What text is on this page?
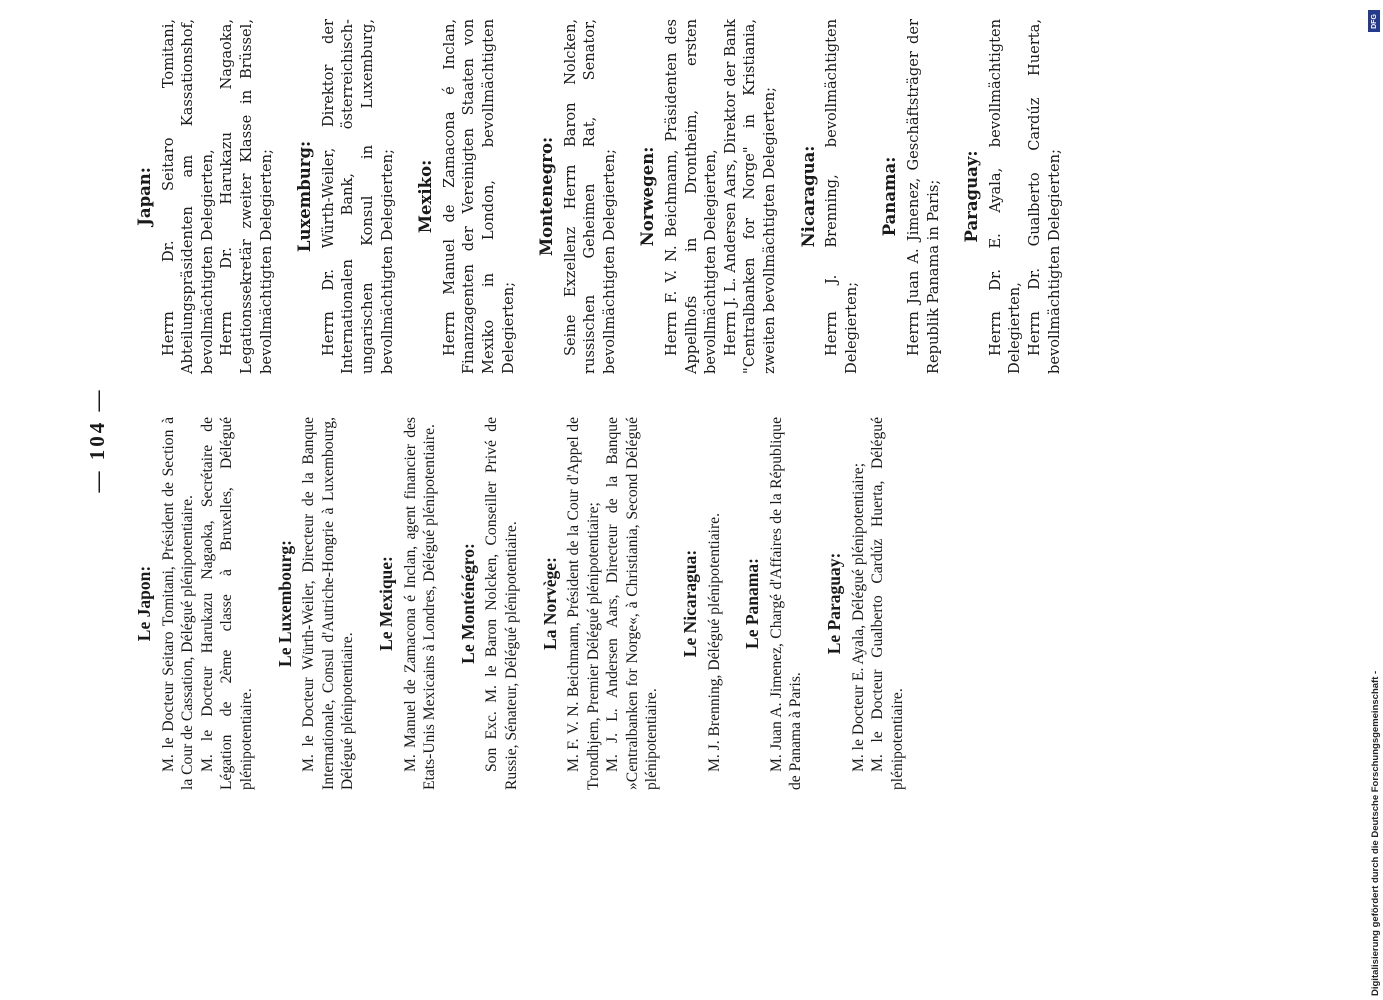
— 104 —
Le Japon: M. le Docteur Seitaro Tomitani, Président de Section à la Cour de Cassation, Délégué plénipotentiaire. M. le Docteur Harukazu Nagaoka, Secrétaire de Légation de 2ème classe à Bruxelles, Délégué plénipotentiaire.

Le Luxembourg: M. le Docteur Würth-Weiler, Directeur de la Banque Internationale, Consul d'Autriche-Hongrie à Luxembourg, Délégué plénipotentiaire.

Le Mexique: M. Manuel de Zamacona é Inclan, agent financier des Etats-Unis Mexicains à Londres, Délégué plénipotentiaire. Le Monténégro: Son Exc. M. le Baron Nolcken, Conseiller Privé de Russie, Sénateur, Délégué plénipotentiaire. La Norvège: M. F. V. N. Beichmann, Président de la Cour d'Appel de Trondhjem, Premier Délégué plénipotentiaire; M. J. L. Andersen Aars, Directeur de la Banque »Centralbanken for Norge«, à Christiania, Second Délégué plénipotentiaire.

Le Nicaragua: M. J. Brenning, Délégué plénipotentiaire. Le Panama: M. Juan A. Jimenez, Chargé d'Affaires de la République de Panama à Paris.

Le Paraguay: M. le Docteur E. Ayala, Délégué plénipotentiaire; M. le Docteur Gualberto Cardúz Huerta, Délégué plénipotentiaire.

Japan: Herrn Dr. Seitaro Tomitani, Abteilungspräsidenten am Kassationshof, bevollmächtigten Delegierten, Herrn Dr. Harukazu Nagaoka, Legationssekretär zweiter Klasse in Brüssel, bevollmächtigten Delegierten; Luxemburg: Herrn Dr. Würth-Weiler, Direktor der Internationalen Bank, österreichisch-ungarischen Konsul in Luxemburg, bevollmächtigten Delegierten; Mexiko: Herrn Manuel de Zamacona é Inclan, Finanzagenten der Vereinigten Staaten von Mexiko in London, bevollmächtigten Delegierten;

Montenegro: Seine Exzellenz Herrn Baron Nolcken, russischen Geheimen Rat, Senator, bevollmächtigten Delegierten; Norwegen: Herrn F. V. N. Beichmann, Präsidenten des Appellhofs in Drontheim, ersten bevollmächtigten Delegierten, Herrn J. L. Andersen Aars, Direktor der Bank "Centralbanken for Norge" in Kristiania, zweiten bevollmächtigten Delegierten; Nicaragua: Herrn J. Brenning, bevollmächtigten Delegierten;

Panama: Herrn Juan A. Jimenez, Geschäftsträger der Republik Panama in Paris; Paraguay: Herrn Dr. E. Ayala, bevollmächtigten Delegierten, Herrn Dr. Gualberto Cardúz Huerta, bevollmächtigten Delegierten;

Digitalisierung gefördert durch die Deutsche Forschungsgemeinschaft -
DFG
